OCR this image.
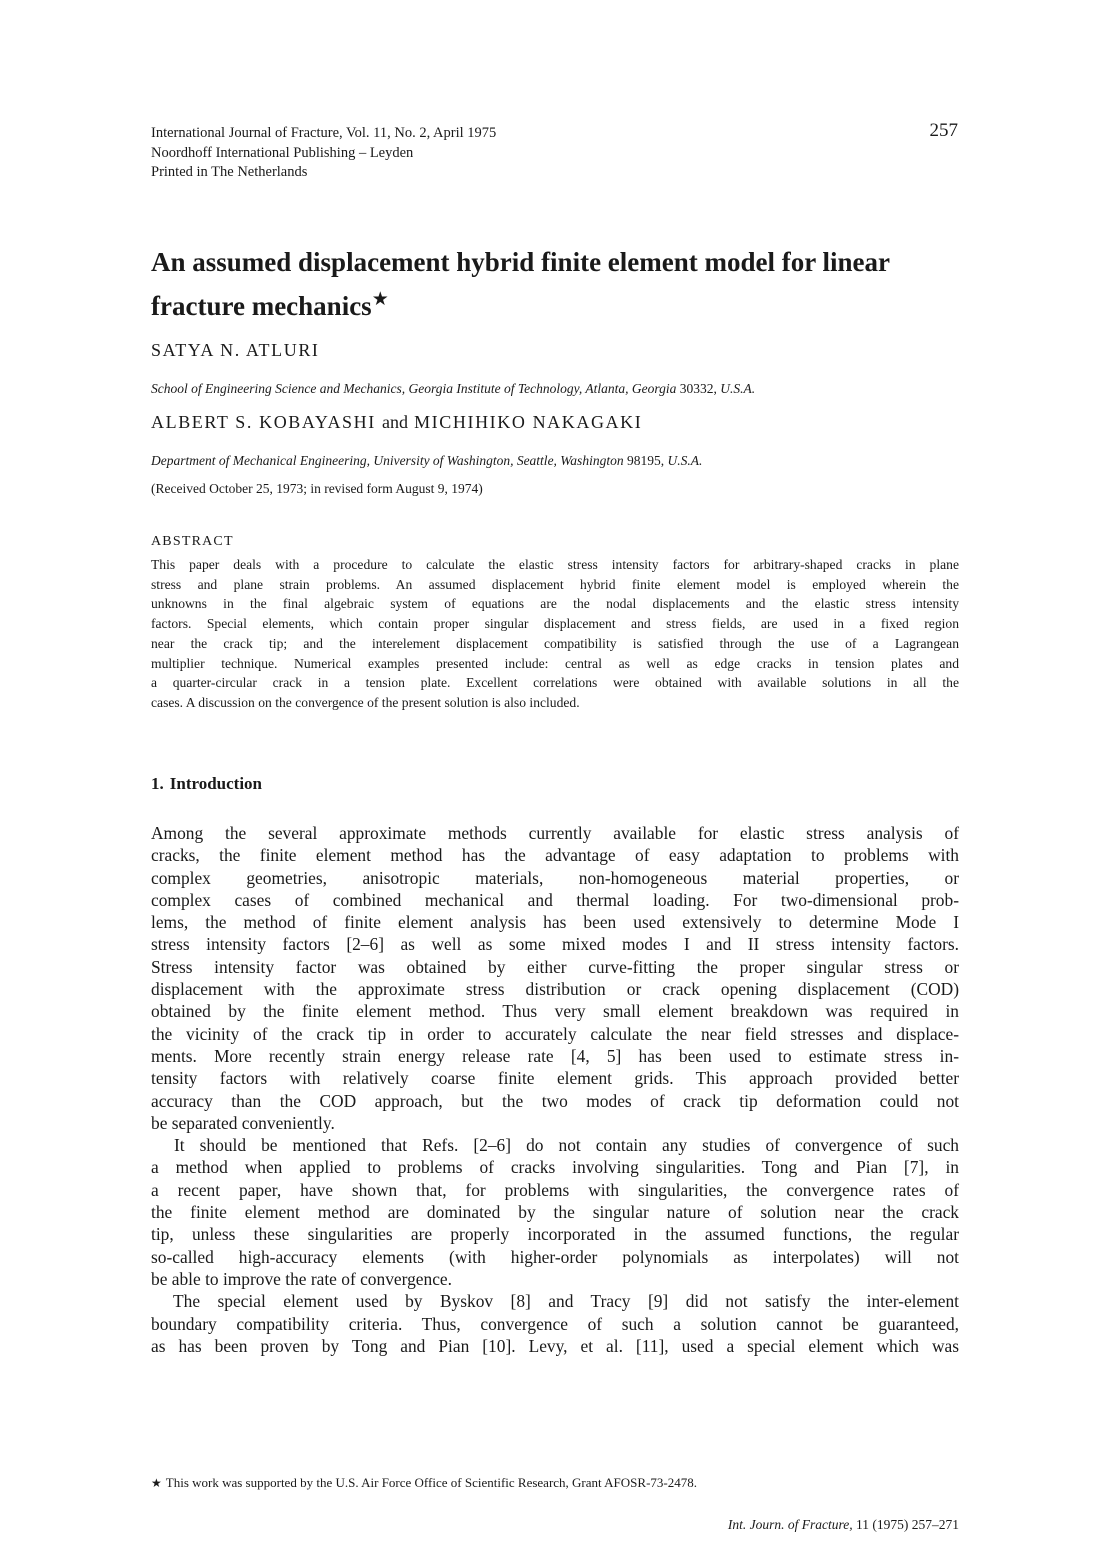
International Journal of Fracture, Vol. 11, No. 2, April 1975
Noordhoff International Publishing – Leyden
Printed in The Netherlands
257
An assumed displacement hybrid finite element model for linear
fracture mechanics★
SATYA N. ATLURI
School of Engineering Science and Mechanics, Georgia Institute of Technology, Atlanta, Georgia 30332, U.S.A.
ALBERT S. KOBAYASHI and MICHIHIKO NAKAGAKI
Department of Mechanical Engineering, University of Washington, Seattle, Washington 98195, U.S.A.
(Received October 25, 1973; in revised form August 9, 1974)
ABSTRACT
This paper deals with a procedure to calculate the elastic stress intensity factors for arbitrary-shaped cracks in plane
stress and plane strain problems. An assumed displacement hybrid finite element model is employed wherein the
unknowns in the final algebraic system of equations are the nodal displacements and the elastic stress intensity
factors. Special elements, which contain proper singular displacement and stress fields, are used in a fixed region
near the crack tip; and the interelement displacement compatibility is satisfied through the use of a Lagrangean
multiplier technique. Numerical examples presented include: central as well as edge cracks in tension plates and
a quarter-circular crack in a tension plate. Excellent correlations were obtained with available solutions in all the
cases. A discussion on the convergence of the present solution is also included.
1. Introduction
Among the several approximate methods currently available for elastic stress analysis of
cracks, the finite element method has the advantage of easy adaptation to problems with
complex geometries, anisotropic materials, non-homogeneous material properties, or
complex cases of combined mechanical and thermal loading. For two-dimensional prob-
lems, the method of finite element analysis has been used extensively to determine Mode I
stress intensity factors [2–6] as well as some mixed modes I and II stress intensity factors.
Stress intensity factor was obtained by either curve-fitting the proper singular stress or
displacement with the approximate stress distribution or crack opening displacement (COD)
obtained by the finite element method. Thus very small element breakdown was required in
the vicinity of the crack tip in order to accurately calculate the near field stresses and displace-
ments. More recently strain energy release rate [4, 5] has been used to estimate stress in-
tensity factors with relatively coarse finite element grids. This approach provided better
accuracy than the COD approach, but the two modes of crack tip deformation could not
be separated conveniently.
It should be mentioned that Refs. [2–6] do not contain any studies of convergence of such
a method when applied to problems of cracks involving singularities. Tong and Pian [7], in
a recent paper, have shown that, for problems with singularities, the convergence rates of
the finite element method are dominated by the singular nature of solution near the crack
tip, unless these singularities are properly incorporated in the assumed functions, the regular
so-called high-accuracy elements (with higher-order polynomials as interpolates) will not
be able to improve the rate of convergence.
The special element used by Byskov [8] and Tracy [9] did not satisfy the inter-element
boundary compatibility criteria. Thus, convergence of such a solution cannot be guaranteed,
as has been proven by Tong and Pian [10]. Levy, et al. [11], used a special element which was
★ This work was supported by the U.S. Air Force Office of Scientific Research, Grant AFOSR-73-2478.
Int. Journ. of Fracture, 11 (1975) 257–271
